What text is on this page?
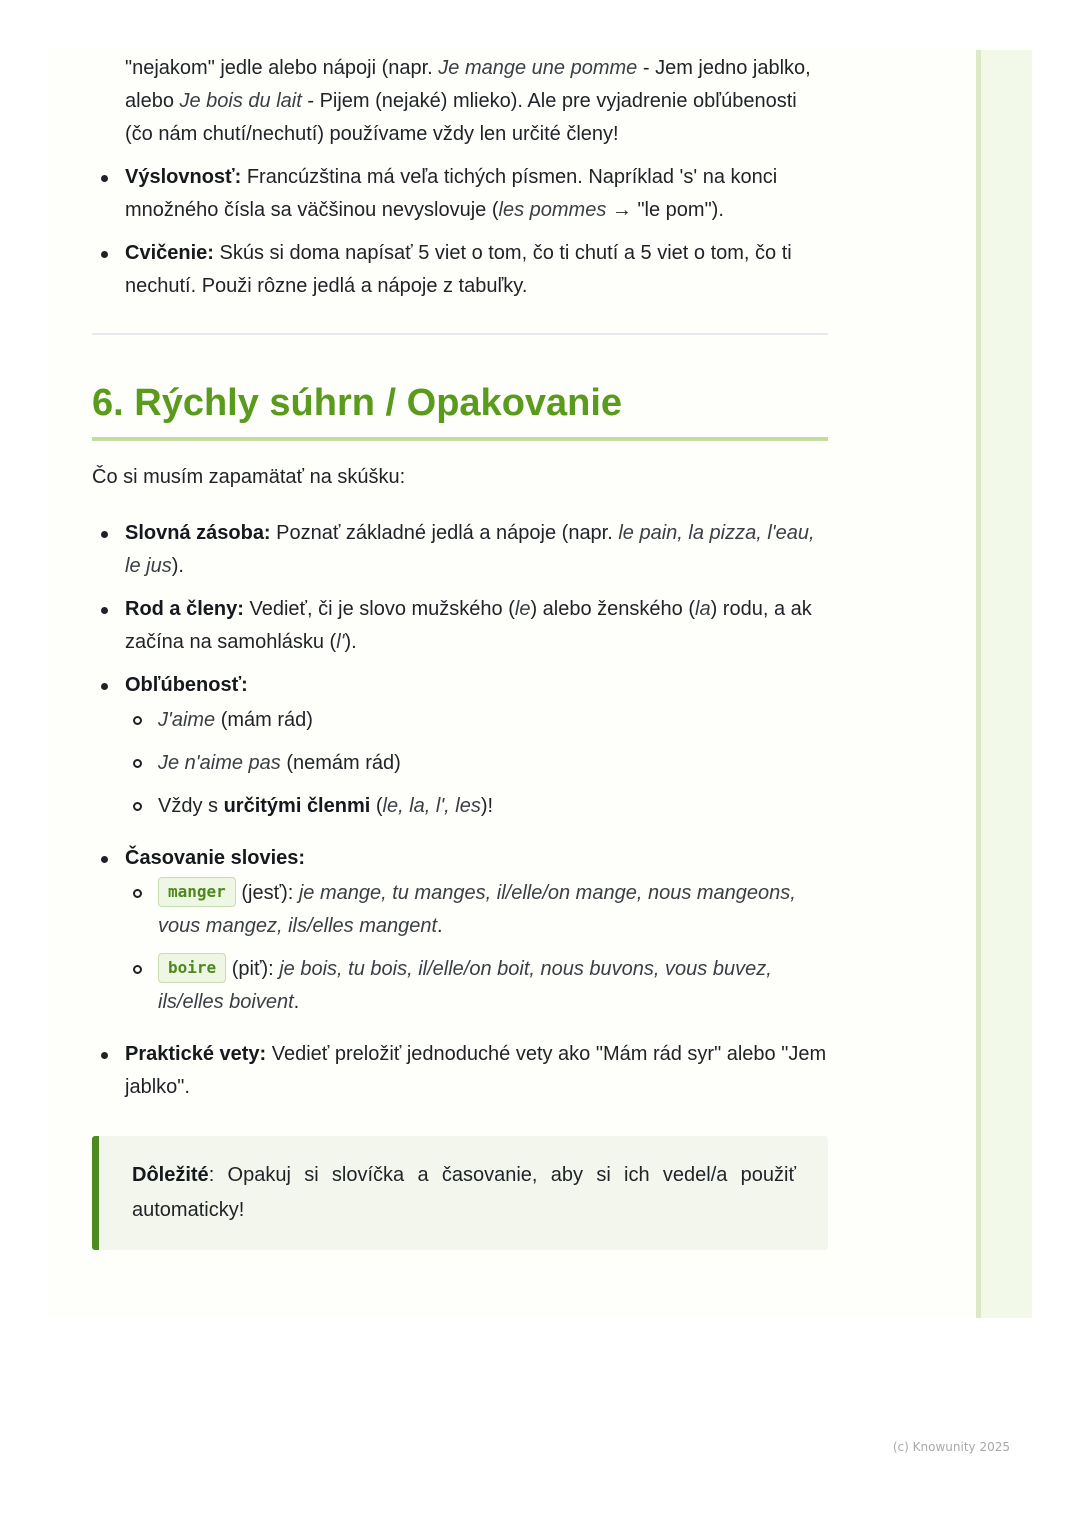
"nejakom" jedle alebo nápoji (napr. Je mange une pomme - Jem jedno jablko, alebo Je bois du lait - Pijem (nejaké) mlieko). Ale pre vyjadrenie obľúbenosti (čo nám chutí/nechutí) používame vždy len určité členy!
Výslovnosť: Francúzština má veľa tichých písmen. Napríklad 's' na konci množného čísla sa väčšinou nevyslovuje (les pommes → "le pom").
Cvičenie: Skús si doma napísať 5 viet o tom, čo ti chutí a 5 viet o tom, čo ti nechutí. Použi rôzne jedlá a nápoje z tabuľky.
6. Rýchly súhrn / Opakovanie
Čo si musím zapamätať na skúšku:
Slovná zásoba: Poznať základné jedlá a nápoje (napr. le pain, la pizza, l'eau, le jus).
Rod a členy: Vedieť, či je slovo mužského (le) alebo ženského (la) rodu, a ak začína na samohlásku (l').
Obľúbenosť:
J'aime (mám rád)
Je n'aime pas (nemám rád)
Vždy s určitými členmi (le, la, l', les)!
Časovanie slovies:
manger (jesť): je mange, tu manges, il/elle/on mange, nous mangeons, vous mangez, ils/elles mangent.
boire (piť): je bois, tu bois, il/elle/on boit, nous buvons, vous buvez, ils/elles boivent.
Praktické vety: Vedieť preložiť jednoduché vety ako "Mám rád syr" alebo "Jem jablko".
Dôležité: Opakuj si slovíčka a časovanie, aby si ich vedel/a použiť automaticky!
(c) Knowunity 2025
